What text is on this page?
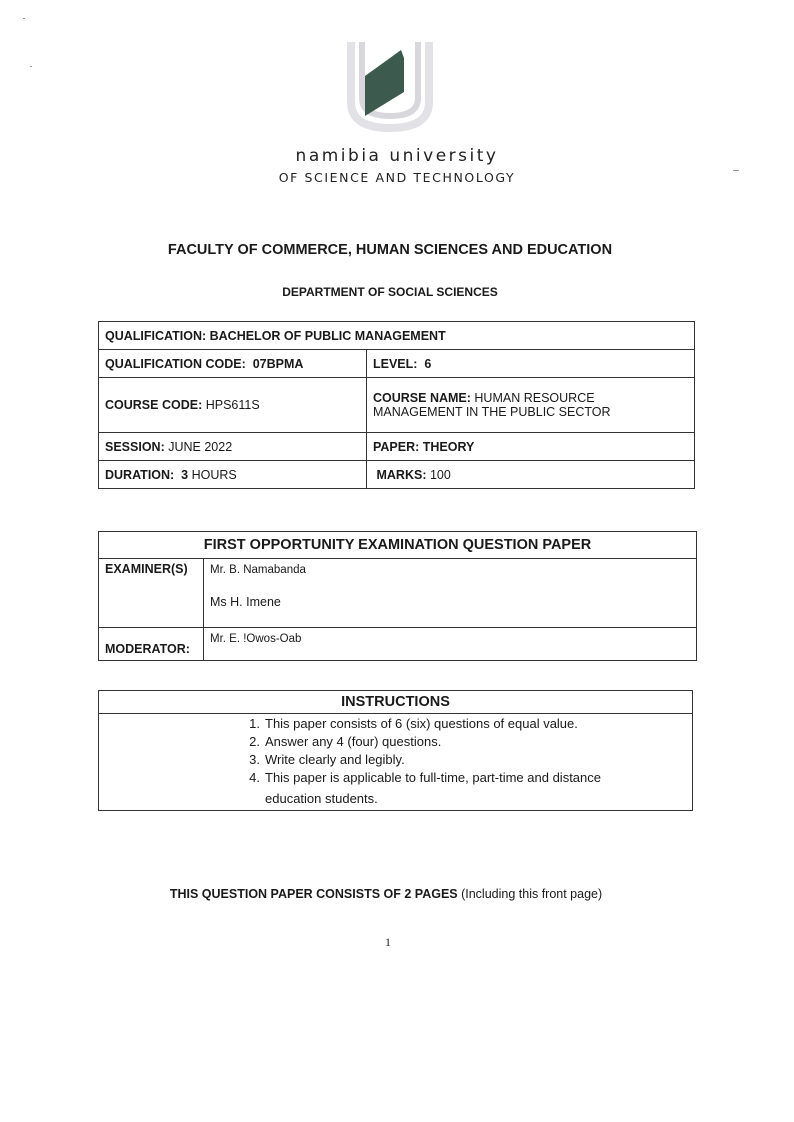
namibia university
OF SCIENCE AND TECHNOLOGY
FACULTY OF COMMERCE, HUMAN SCIENCES AND EDUCATION
DEPARTMENT OF SOCIAL SCIENCES
QUALIFICATION: BACHELOR OF PUBLIC MANAGEMENT	
QUALIFICATION CODE: 07BPMA	LEVEL: 6
COURSE CODE: HPS611S	COURSE NAME: HUMAN RESOURCE
MANAGEMENT IN THE PUBLIC SECTOR
SESSION: JUNE 2022	PAPER: THEORY
DURATION: 3 HOURS	MARKS: 100
FIRST OPPORTUNITY EXAMINATION QUESTION PAPER	
EXAMINER(S)	Mr. B. Namabanda
Ms H. Imene

MODERATOR:	Mr. E. !Owos-Oab
INSTRUCTIONS
1. This paper consists of 6 (six) questions of equal value.
2. Answer any 4 (four) questions.
3. Write clearly and legibly.
4. This paper is applicable to full-time, part-time and distance
education students.
THIS QUESTION PAPER CONSISTS OF 2 PAGES (Including this front page)
1
